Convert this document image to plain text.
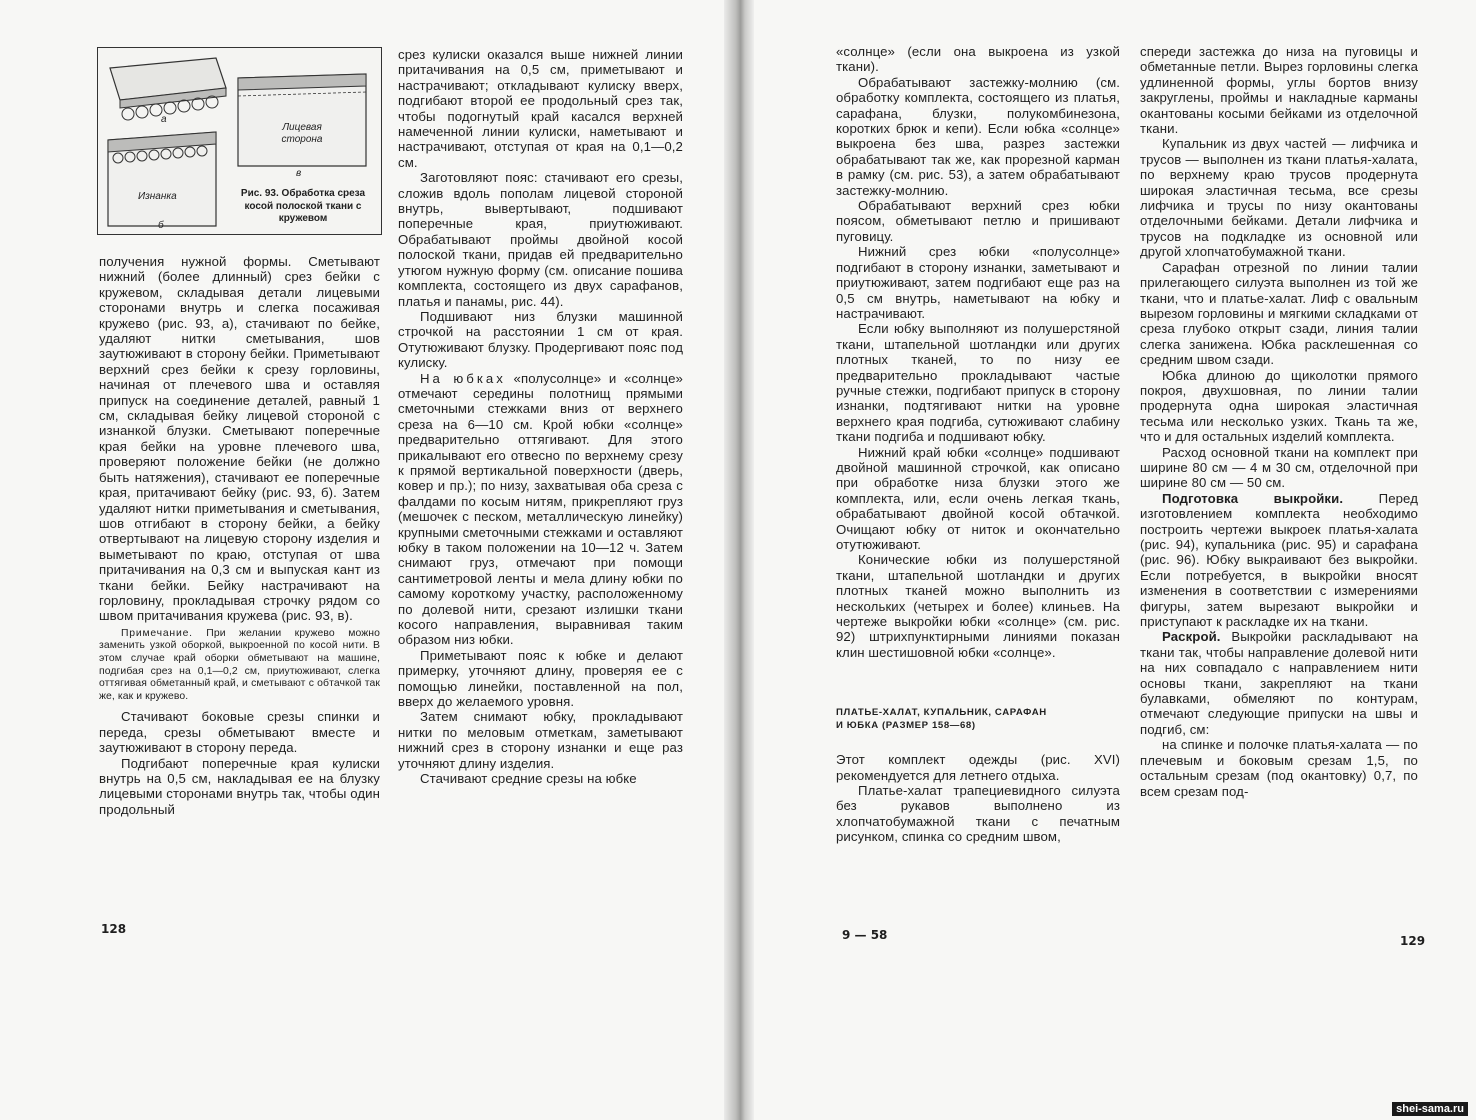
а
б
в
Лицевая сторона
Изнанка	Рис. 93. Обработка среза косой полоской ткани с кружевом

получения нужной формы. Сметывают нижний (более длинный) срез бейки с кружевом, складывая детали лицевыми сторонами внутрь и слегка посаживая кружево (рис. 93, а), стачивают по бейке, удаляют нитки сметывания, шов заутюживают в сторону бейки. Приметывают верхний срез бейки к срезу горловины, начиная от плечевого шва и оставляя припуск на соединение деталей, равный 1 см, складывая бейку лицевой стороной с изнанкой блузки. Сметывают поперечные края бейки на уровне плечевого шва, проверяют положение бейки (не должно быть натяжения), стачивают ее поперечные края, притачивают бейку (рис. 93, б). Затем удаляют нитки приметывания и сметывания, шов отгибают в сторону бейки, а бейку отвертывают на лицевую сторону изделия и выметывают по краю, отступая от шва притачивания на 0,3 см и выпуская кант из ткани бейки. Бейку настрачивают на горловину, прокладывая строчку рядом со швом притачивания кружева (рис. 93, в).

Примечание. При желании кружево можно заменить узкой оборкой, выкроенной по косой нити. В этом случае край оборки обметывают на машине, подгибая срез на 0,1—0,2 см, приутюживают, слегка оттягивая обметанный край, и сметывают с обтачкой так же, как и кружево.

Стачивают боковые срезы спинки и переда, срезы обметывают вместе и заутюживают в сторону переда.

Подгибают поперечные края кулиски внутрь на 0,5 см, накладывая ее на блузку лицевыми сторонами внутрь так, чтобы один продольный

срез кулиски оказался выше нижней линии притачивания на 0,5 см, приметывают и настрачивают; откладывают кулиску вверх, подгибают второй ее продольный срез так, чтобы подогнутый край касался верхней намеченной линии кулиски, наметывают и настрачивают, отступая от края на 0,1—0,2 см.

Заготовляют пояс: стачивают его срезы, сложив вдоль пополам лицевой стороной внутрь, вывертывают, подшивают поперечные края, приутюживают. Обрабатывают проймы двойной косой полоской ткани, придав ей предварительно утюгом нужную форму (см. описание пошива комплекта, состоящего из двух сарафанов, платья и панамы, рис. 44).

Подшивают низ блузки машинной строчкой на расстоянии 1 см от края. Отутюживают блузку. Продергивают пояс под кулиску.

На юбках «полусолнце» и «солнце» отмечают середины полотнищ прямыми сметочными стежками вниз от верхнего среза на 6—10 см. Крой юбки «солнце» предварительно оттягивают. Для этого прикалывают его отвесно по верхнему срезу к прямой вертикальной поверхности (дверь, ковер и пр.); по низу, захватывая оба среза с фалдами по косым нитям, прикрепляют груз (мешочек с песком, металлическую линейку) крупными сметочными стежками и оставляют юбку в таком положении на 10—12 ч. Затем снимают груз, отмечают при помощи сантиметровой ленты и мела длину юбки по самому короткому участку, расположенному по долевой нити, срезают излишки ткани косого направления, выравнивая таким образом низ юбки.

Приметывают пояс к юбке и делают примерку, уточняют длину, проверяя ее с помощью линейки, поставленной на пол, вверх до желаемого уровня.

Затем снимают юбку, прокладывают нитки по меловым отметкам, заметывают нижний срез в сторону изнанки и еще раз уточняют длину изделия.

Стачивают средние срезы на юбке

128

«солнце» (если она выкроена из узкой ткани).

Обрабатывают застежку-молнию (см. обработку комплекта, состоящего из платья, сарафана, блузки, полукомбинезона, коротких брюк и кепи). Если юбка «солнце» выкроена без шва, разрез застежки обрабатывают так же, как прорезной карман в рамку (см. рис. 53), а затем обрабатывают застежку-молнию.

Обрабатывают верхний срез юбки поясом, обметывают петлю и пришивают пуговицу.

Нижний срез юбки «полусолнце» подгибают в сторону изнанки, заметывают и приутюживают, затем подгибают еще раз на 0,5 см внутрь, наметывают на юбку и настрачивают.

Если юбку выполняют из полушерстяной ткани, штапельной шотландки или других плотных тканей, то по низу ее предварительно прокладывают частые ручные стежки, подгибают припуск в сторону изнанки, подтягивают нитки на уровне верхнего края подгиба, сутюживают слабину ткани подгиба и подшивают юбку.

Нижний край юбки «солнце» подшивают двойной машинной строчкой, как описано при обработке низа блузки этого же комплекта, или, если очень легкая ткань, обрабатывают двойной косой обтачкой. Очищают юбку от ниток и окончательно отутюживают.

Конические юбки из полушерстяной ткани, штапельной шотландки и других плотных тканей можно выполнить из нескольких (четырех и более) клиньев. На чертеже выкройки юбки «солнце» (см. рис. 92) штрихпунктирными линиями показан клин шестишовной юбки «солнце».

ПЛАТЬЕ-ХАЛАТ, КУПАЛЬНИК, САРАФАН
И ЮБКА (РАЗМЕР 158—68)

Этот комплект одежды (рис. XVI) рекомендуется для летнего отдыха.

Платье-халат трапециевидного силуэта без рукавов выполнено из хлопчатобумажной ткани с печатным рисунком, спинка со средним швом,

спереди застежка до низа на пуговицы и обметанные петли. Вырез горловины слегка удлиненной формы, углы бортов внизу закруглены, проймы и накладные карманы окантованы косыми бейками из отделочной ткани.

Купальник из двух частей — лифчика и трусов — выполнен из ткани платья-халата, по верхнему краю трусов продернута широкая эластичная тесьма, все срезы лифчика и трусы по низу окантованы отделочными бейками. Детали лифчика и трусов на подкладке из основной или другой хлопчатобумажной ткани.

Сарафан отрезной по линии талии прилегающего силуэта выполнен из той же ткани, что и платье-халат. Лиф с овальным вырезом горловины и мягкими складками от среза глубоко открыт сзади, линия талии слегка занижена. Юбка расклешенная со средним швом сзади.

Юбка длиною до щиколотки прямого покроя, двухшовная, по линии талии продернута одна широкая эластичная тесьма или несколько узких. Ткань та же, что и для остальных изделий комплекта.

Расход основной ткани на комплект при ширине 80 см — 4 м 30 см, отделочной при ширине 80 см — 50 см.

Подготовка выкройки.	Перед изготовлением комплекта необходимо построить чертежи выкроек платья-халата (рис. 94), купальника (рис. 95) и сарафана (рис. 96). Юбку выкраивают без выкройки. Если потребуется, в выкройки вносят изменения в соответствии с измерениями фигуры, затем вырезают выкройки и приступают к раскладке их на ткани.

Раскрой. Выкройки раскладывают на ткани так, чтобы направление долевой нити на них совпадало с направлением нити основы ткани, закрепляют на ткани булавками, обмеляют по контурам, отмечают следующие припуски на швы и подгиб, см:

на спинке и полочке платья-халата — по плечевым и боковым срезам 1,5, по остальным срезам (под окантовку) 0,7, по всем срезам под-

9 — 58	129
shei-sama.ru
